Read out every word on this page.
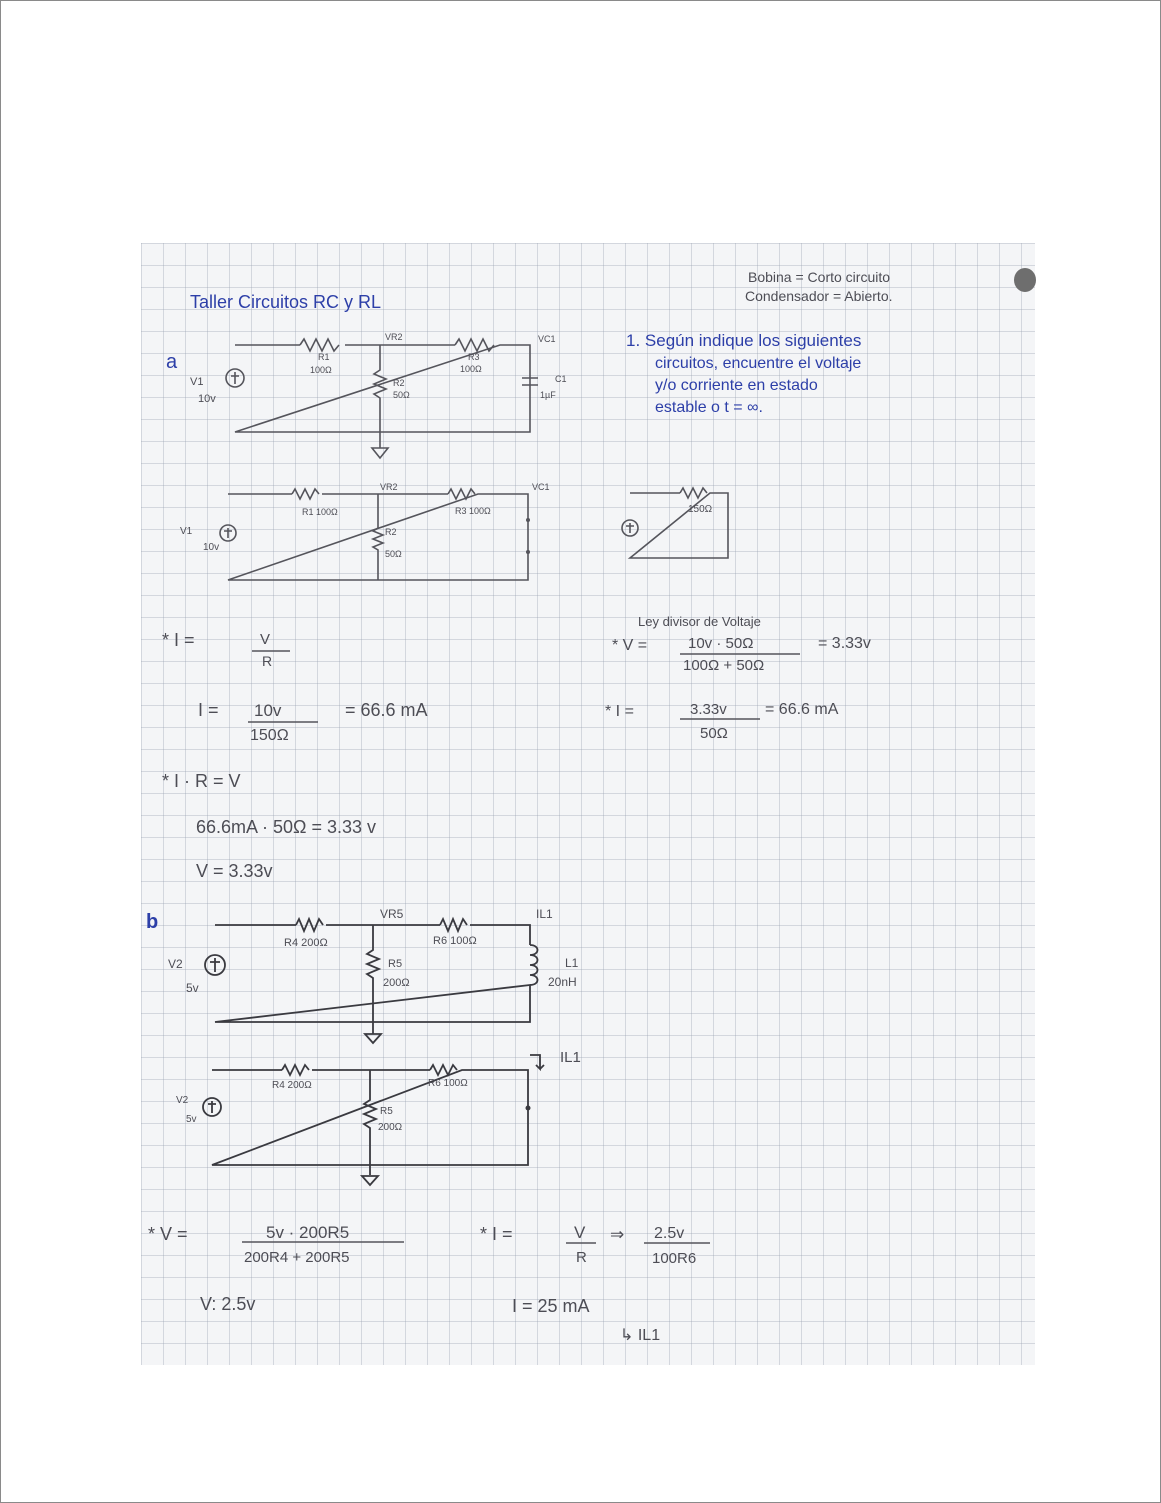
Taller Circuitos RC y RL
Bobina = Corto circuito
Condensador = Abierto.
1. Según indique los siguientes
circuitos, encuentre el voltaje
y/o corriente en estado
estable o t = ∞.
a
V1
10v
R1
100Ω
R3
100Ω
R2
50Ω
C1
1µF
VR2	VC1
V1
10v
R1 100Ω	R3 100Ω
R2
50Ω
VR2	VC1
150Ω
* I =	V
R
I = 10v
150Ω
= 66.6 mA
* I · R = V
66.6mA · 50Ω = 3.33 v
V = 3.33v
Ley divisor de Voltaje
* V =	10v · 50Ω
100Ω + 50Ω
= 3.33v
* I =	3.33v
50Ω
= 66.6 mA
b
V2
5v
R4 200Ω	R6 100Ω
R5
200Ω
L1
20nH
VR5	IL1
V2
5v
R4 200Ω	R6 100Ω
R5
200Ω
IL1
* V =	5v · 200R5
200R4 + 200R5
V: 2.5v
* I =	V
R
⇒ 2.5v
100R6
I = 25 mA
↳ IL1
